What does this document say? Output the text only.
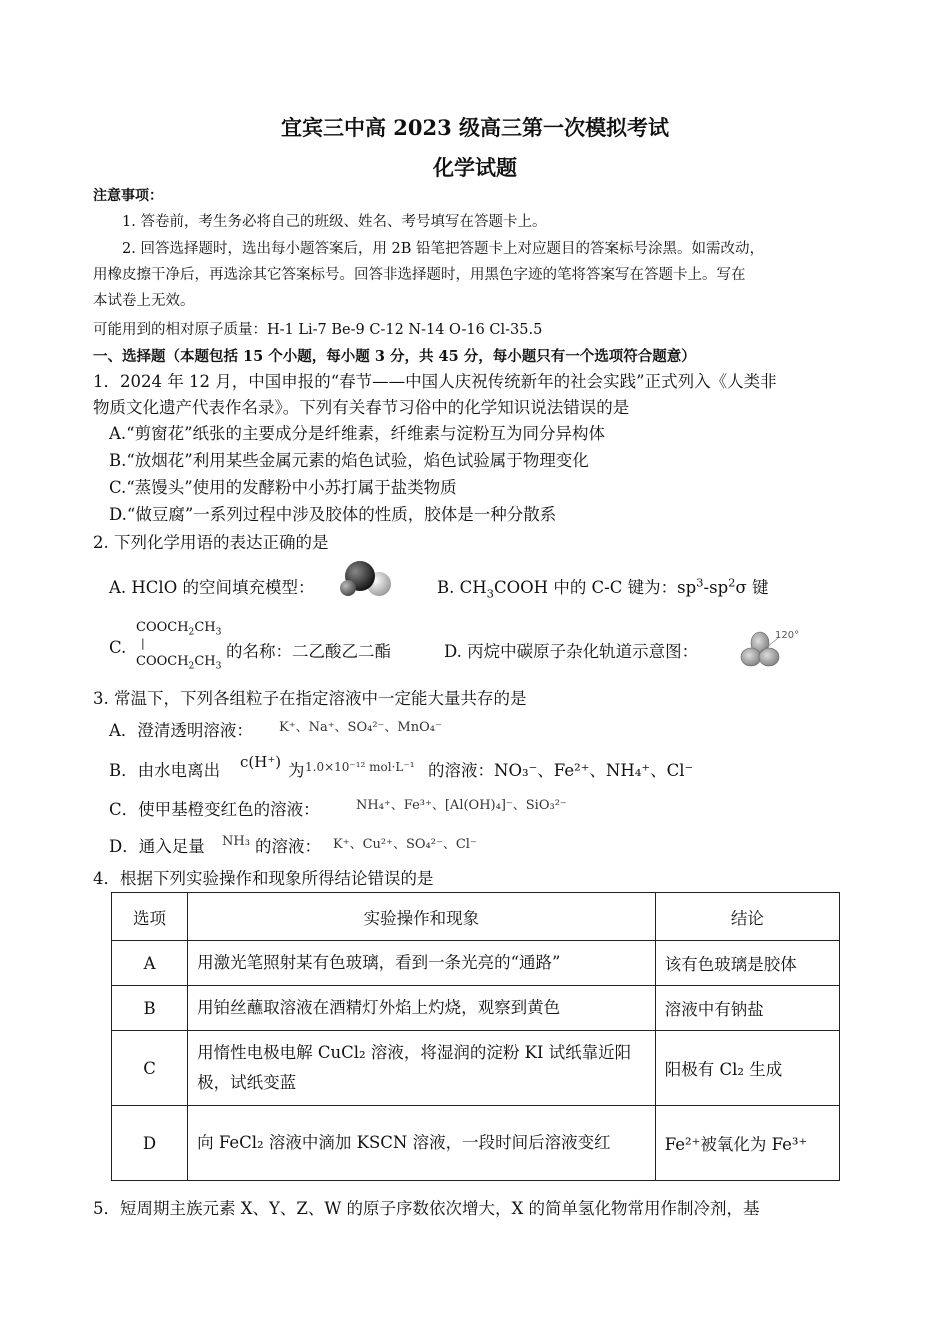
宜宾三中高 2023 级高三第一次模拟考试
化学试题
注意事项：
1. 答卷前，考生务必将自己的班级、姓名、考号填写在答题卡上。
2. 回答选择题时，选出每小题答案后，用 2B 铅笔把答题卡上对应题目的答案标号涂黑。如需改动，
用橡皮擦干净后，再选涂其它答案标号。回答非选择题时，用黑色字迹的笔将答案写在答题卡上。写在
本试卷上无效。
可能用到的相对原子质量：H-1 Li-7 Be-9 C-12 N-14 O-16 Cl-35.5
一、选择题（本题包括 15 个小题，每小题 3 分，共 45 分，每小题只有一个选项符合题意）
1．2024 年 12 月，中国申报的“春节——中国人庆祝传统新年的社会实践”正式列入《人类非
物质文化遗产代表作名录》。下列有关春节习俗中的化学知识说法错误的是
A.“剪窗花”纸张的主要成分是纤维素，纤维素与淀粉互为同分异构体
B.“放烟花”利用某些金属元素的焰色试验，焰色试验属于物理变化
C.“蒸馒头”使用的发酵粉中小苏打属于盐类物质
D.“做豆腐”一系列过程中涉及胶体的性质，胶体是一种分散系
2. 下列化学用语的表达正确的是
A. HClO 的空间填充模型：	B. $CH_3COOH$ 中的 C-C 键为：$sp^3-sp^2\sigma$ 键
C.
$COOCH_2CH_3$
|
$COOCH_2CH_3$
的名称：二乙酸乙二酯	D. 丙烷中碳原子杂化轨道示意图：
120°
3. 常温下，下列各组粒子在指定溶液中一定能大量共存的是
A．澄清透明溶液： K⁺、Na⁺、SO₄²⁻、MnO₄⁻
B．由水电离出 c(H⁺) 为 1.0×10⁻¹² mol·L⁻¹ 的溶液：NO₃⁻、Fe²⁺、NH₄⁺、Cl⁻
C．使甲基橙变红色的溶液：	NH₄⁺、Fe³⁺、[Al(OH)₄]⁻、SiO₃²⁻
D．通入足量 NH₃ 的溶液： K⁺、Cu²⁺、SO₄²⁻、Cl⁻
4．根据下列实验操作和现象所得结论错误的是
选项	实验操作和现象	结论
A	用激光笔照射某有色玻璃，看到一条光亮的“通路”	该有色玻璃是胶体
B	用铂丝蘸取溶液在酒精灯外焰上灼烧，观察到黄色	溶液中有钠盐
C	用惰性电极电解 CuCl₂ 溶液，将湿润的淀粉 KI 试纸靠近阳极，试纸变蓝	阳极有 Cl₂ 生成
D	向 FeCl₂ 溶液中滴加 KSCN 溶液，一段时间后溶液变红	Fe²⁺被氧化为 Fe³⁺
5．短周期主族元素 X、Y、Z、W 的原子序数依次增大，X 的简单氢化物常用作制冷剂，基
